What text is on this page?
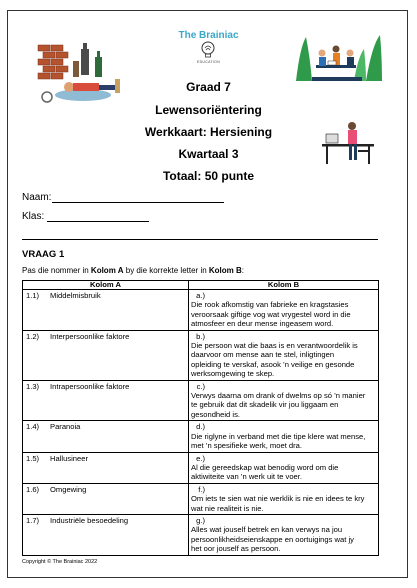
The Brainiac
EDUCATION
Graad 7
Lewensoriëntering
Werkkaart: Hersiening
Kwartaal 3
Totaal: 50 punte
Naam:
Klas:
VRAAG 1
Pas die nommer in Kolom A by die korrekte letter in Kolom B:
Kolom A	Kolom B
1.1) Middelmisbruik	a.) Die rook afkomstig van fabrieke en kragstasies veroorsaak giftige vog wat vrygestel word in die atmosfeer en deur mense ingeasem word.
1.2) Interpersoonlike faktore	b.) Die persoon wat die baas is en verantwoordelik is daarvoor om mense aan te stel, inligtingen opleiding te verskaf, asook ’n veilige en gesonde werksomgewing te skep.
1.3) Intrapersoonlike faktore	c.) Verwys daarna om drank of dwelms op só ’n manier te gebruik dat dit skadelik vir jou liggaam en gesondheid is.
1.4) Paranoia	d.) Die riglyne in verband met die tipe klere wat mense, met ’n spesifieke werk, moet dra.
1.5) Hallusineer	e.) Al die gereedskap wat benodig word om die aktiwiteite van ’n werk uit te voer.
1.6) Omgewing	f.) Om iets te sien wat nie werklik is nie en idees te kry wat nie realiteit is nie.
1.7) Industriële besoedeling	g.) Alles wat jouself betrek en kan verwys na jou persoonlikheidseienskappe en oortuigings wat jy het oor jouself as persoon.
Copyright © The Brainiac 2022
